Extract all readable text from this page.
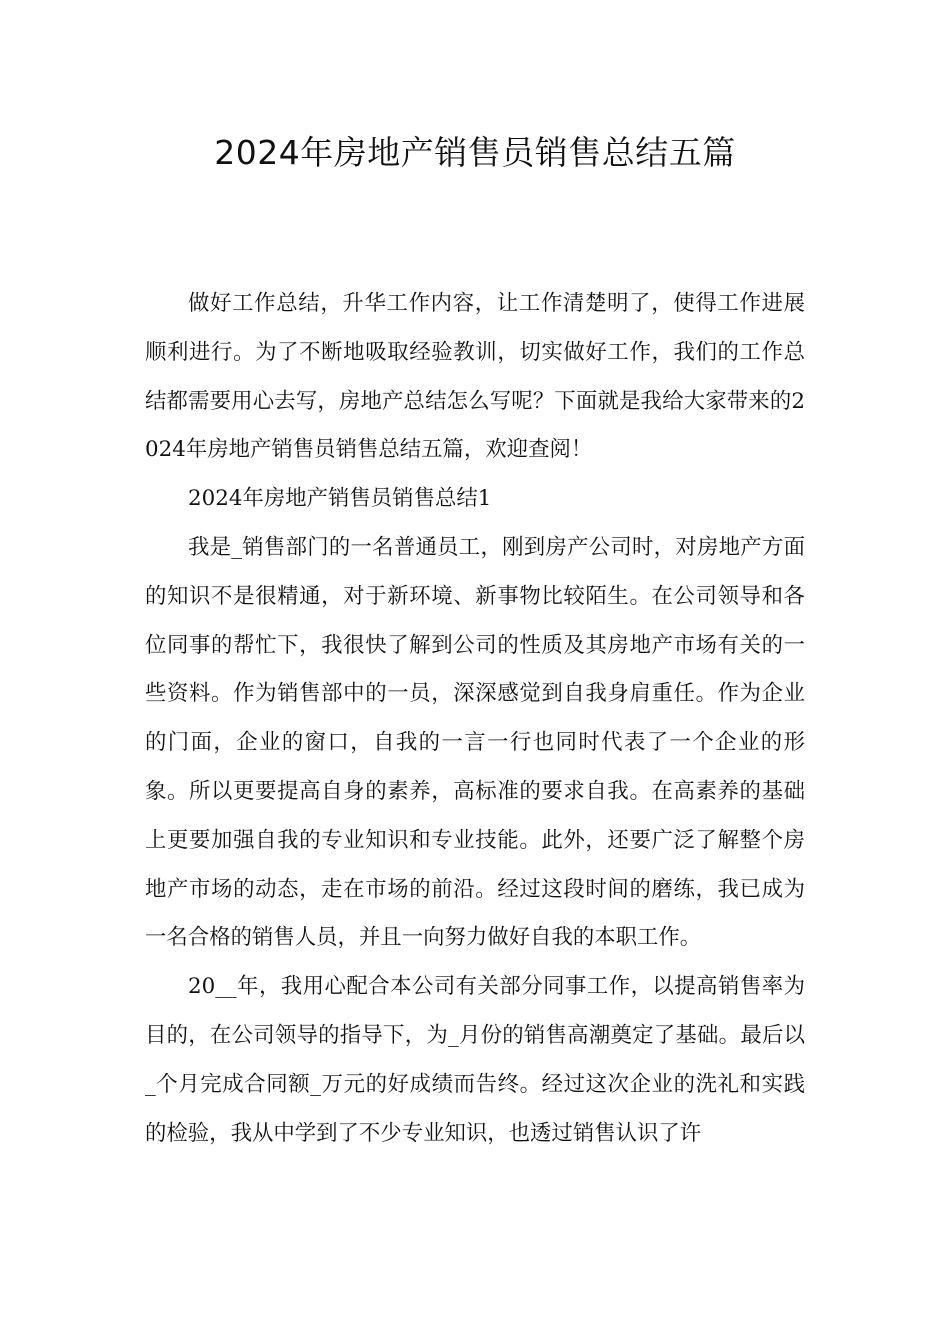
2024年房地产销售员销售总结五篇

做好工作总结，升华工作内容，让工作清楚明了，使得工作进展顺利进行。为了不断地吸取经验教训，切实做好工作，我们的工作总结都需要用心去写，房地产总结怎么写呢？下面就是我给大家带来的2024年房地产销售员销售总结五篇，欢迎查阅！

2024年房地产销售员销售总结1

我是_销售部门的一名普通员工，刚到房产公司时，对房地产方面的知识不是很精通，对于新环境、新事物比较陌生。在公司领导和各位同事的帮忙下，我很快了解到公司的性质及其房地产市场有关的一些资料。作为销售部中的一员，深深感觉到自我身肩重任。作为企业的门面，企业的窗口，自我的一言一行也同时代表了一个企业的形象。所以更要提高自身的素养，高标准的要求自我。在高素养的基础上更要加强自我的专业知识和专业技能。此外，还要广泛了解整个房地产市场的动态，走在市场的前沿。经过这段时间的磨练，我已成为一名合格的销售人员，并且一向努力做好自我的本职工作。

20__年，我用心配合本公司有关部分同事工作，以提高销售率为目的，在公司领导的指导下，为_月份的销售高潮奠定了基础。最后以_个月完成合同额_万元的好成绩而告终。经过这次企业的洗礼和实践的检验，我从中学到了不少专业知识，也透过销售认识了许
